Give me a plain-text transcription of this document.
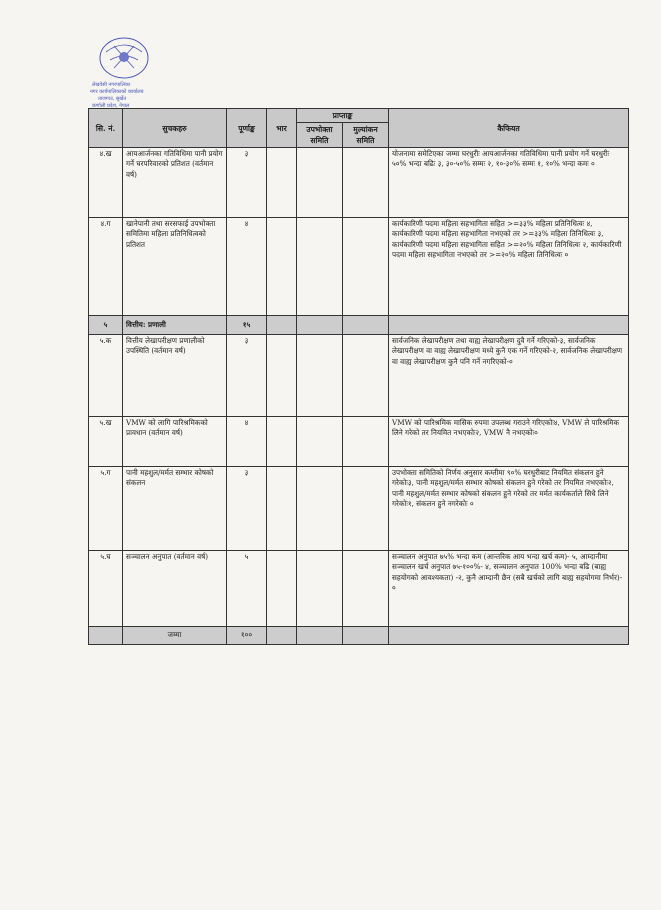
लेखवेसी नगरपालिका
नगर कार्यपालिकाको कार्यालय
ताजगाउ, सुर्खेत
कर्णाली प्रदेश, नेपाल
सि. नं.	सुचकहरु	पूर्णाङ्क	भार	प्राप्ताङ्क		कैफियत
				उपभोक्ता समिति	मुल्यांकन समिति	
४.ख	आयआर्जनका गतिविधिमा पानी प्रयोग गर्ने घरपरिवारको प्रतिशत (वर्तमान वर्ष)	३				योजनामा समेटिएका जम्मा घरधुरीः आयआर्जनका गतिविधिमा पानी प्रयोग गर्ने घरधुरीः ५०% भन्दा बढिः ३, ३०-५०% सम्मः २, १०-३०% सम्मः १, १०% भन्दा कमः ०
४.ग	खानेपानी तथा सरसफाई उपभोक्ता समितिमा महिला प्रतिनिधित्वको प्रतिशत	४				कार्यकारिणी पदमा महिला सहभागिता सहित >=३३% महिला प्रतिनिधित्वः ४, कार्यकारिणी पदमा महिला सहभागिता नभएको तर >=३३% महिला तिनिधित्वः ३, कार्यकारिणी पदमा महिला सहभागिता सहित >=२०% महिला तिनिधित्वः २, कार्यकारिणी पदमा महिला सहभागिता नभएको तर >=२०% महिला तिनिधित्वः ०
५	वित्तीय: प्रणाली	१५				
५.क	वित्तीय लेखापरीक्षण प्रणालीको उपस्थिति (वर्तमान वर्ष)	३				सार्वजनिक लेखापरीक्षण तथा वाह्य लेखापरीक्षण दुवै गर्ने गरिएको-३, सार्वजनिक लेखापरीक्षण वा वाह्य लेखापरीक्षण मध्ये कुनै एक गर्ने गरिएको-२, सार्वजनिक लेखापरीक्षण वा वाह्य लेखापरीक्षण कुनै पनि गर्ने नगरिएको-०
५.ख	VMW को लागि पारिश्रमिकको प्रावधान (वर्तमान वर्ष)	४				VMW को पारिश्रमिक मासिक रुपमा उपलब्ध गराउने गरिएकोः४, VMW ले पारिश्रमिक लिने गरेको तर नियमित नभएकोः२, VMW नै नभएकोः०
५.ग	पानी महशुल/मर्मत सम्भार कोषको संकलन	३				उपभोक्ता समितिको निर्णय अनुसार कम्तीमा ९०% घरधुरीबाट नियमित संकलन हुने गरेकोः३, पानी महशुल/मर्मत सम्भार कोषको संकलन हुने गरेको तर नियमित नभएकोः२, पानी महशुल/मर्मत सम्भार कोषको संकलन हुने गरेको तर मर्मत कार्यकर्ताले सिधै लिने गरेकोः१, संकलन हुने नगरेकोः ०
५.घ	सञ्चालन अनुपात (वर्तमान वर्ष)	५				सञ्चालन अनुपात ७५% भन्दा कम (आन्तरिक आय भन्दा खर्च कम)- ५, आम्दानीमा सञ्चालन खर्च अनुपात ७५-१००%- ४, सञ्चालन अनुपात 100% भन्दा बढि (बाह्य सहयोगको आवश्यकता) -२, कुनै आम्दानी छैन (सबै खर्चको लागि बाह्य सहयोगमा निर्भर)- ०
	जम्मा	१००				
